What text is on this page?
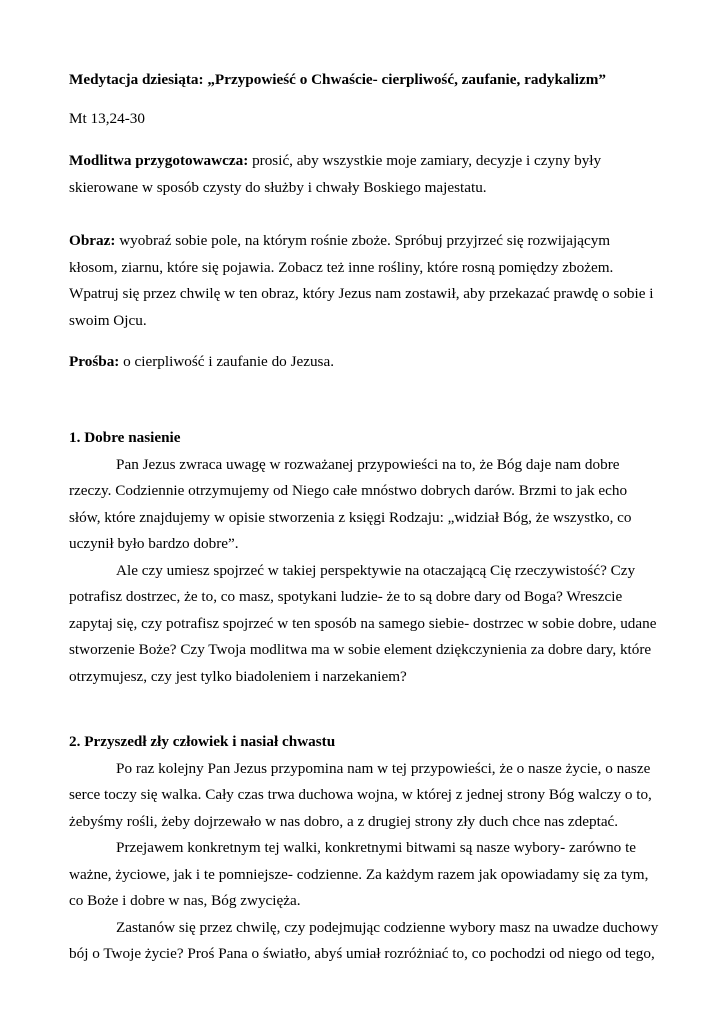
Medytacja dziesiąta: „Przypowieść o Chwaście- cierpliwość, zaufanie, radykalizm”

Mt 13,24-30

Modlitwa przygotowawcza: prosić, aby wszystkie moje zamiary, decyzje i czyny były skierowane w sposób czysty do służby i chwały Boskiego majestatu.

Obraz: wyobraź sobie pole, na którym rośnie zboże. Spróbuj przyjrzeć się rozwijającym kłosom, ziarnu, które się pojawia. Zobacz też inne rośliny, które rosną pomiędzy zbożem. Wpatruj się przez chwilę w ten obraz, który Jezus nam zostawił, aby przekazać prawdę o sobie i swoim Ojcu.

Prośba: o cierpliwość i zaufanie do Jezusa.

1. Dobre nasienie

Pan Jezus zwraca uwagę w rozważanej przypowieści na to, że Bóg daje nam dobre rzeczy. Codziennie otrzymujemy od Niego całe mnóstwo dobrych darów. Brzmi to jak echo słów, które znajdujemy w opisie stworzenia z księgi Rodzaju: „widział Bóg, że wszystko, co uczynił było bardzo dobre”.

Ale czy umiesz spojrzeć w takiej perspektywie na otaczającą Cię rzeczywistość? Czy potrafisz dostrzec, że to, co masz, spotykani ludzie- że to są dobre dary od Boga? Wreszcie zapytaj się, czy potrafisz spojrzeć w ten sposób na samego siebie- dostrzec w sobie dobre, udane stworzenie Boże? Czy Twoja modlitwa ma w sobie element dziękczynienia za dobre dary, które otrzymujesz, czy jest tylko biadoleniem i narzekaniem?

2. Przyszedł zły człowiek i nasiał chwastu

Po raz kolejny Pan Jezus przypomina nam w tej przypowieści, że o nasze życie, o nasze serce toczy się walka. Cały czas trwa duchowa wojna, w której z jednej strony Bóg walczy o to, żebyśmy rośli, żeby dojrzewało w nas dobro, a z drugiej strony zły duch chce nas zdeptać.

Przejawem konkretnym tej walki, konkretnymi bitwami są nasze wybory- zarówno te ważne, życiowe, jak i te pomniejsze- codzienne. Za każdym razem jak opowiadamy się za tym, co Boże i dobre w nas, Bóg zwycięża.

Zastanów się przez chwilę, czy podejmując codzienne wybory masz na uwadze duchowy bój o Twoje życie? Proś Pana o światło, abyś umiał rozróżniać to, co pochodzi od niego od tego,
